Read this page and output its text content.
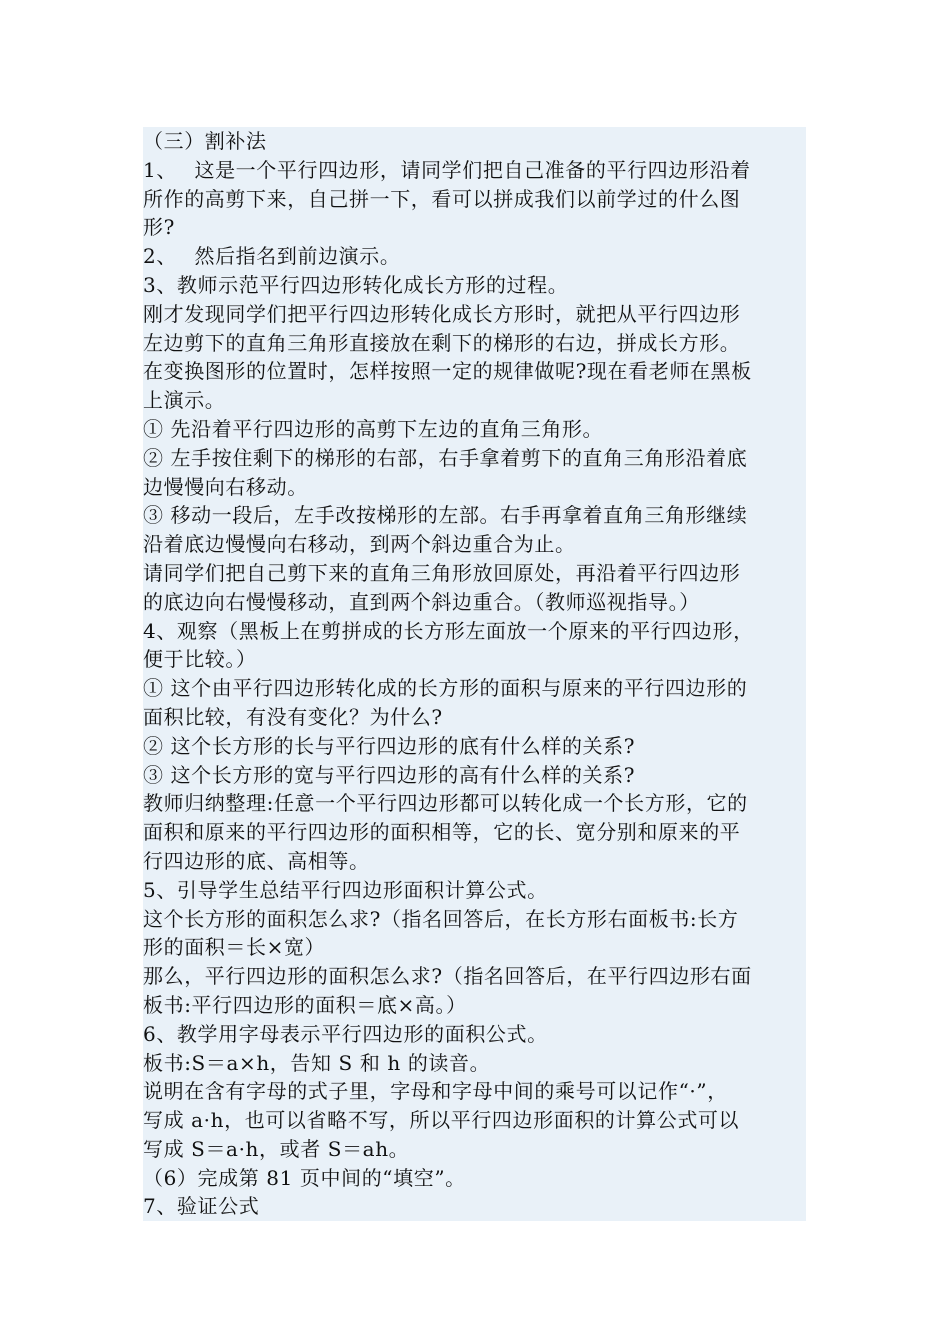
（三）割补法
1、　 这是一个平行四边形，请同学们把自己准备的平行四边形沿着
所作的高剪下来，自己拼一下，看可以拼成我们以前学过的什么图
形?
2、　 然后指名到前边演示。
3、教师示范平行四边形转化成长方形的过程。
刚才发现同学们把平行四边形转化成长方形时，就把从平行四边形
左边剪下的直角三角形直接放在剩下的梯形的右边，拼成长方形。
在变换图形的位置时，怎样按照一定的规律做呢?现在看老师在黑板
上演示。
① 先沿着平行四边形的高剪下左边的直角三角形。
② 左手按住剩下的梯形的右部，右手拿着剪下的直角三角形沿着底
边慢慢向右移动。
③ 移动一段后，左手改按梯形的左部。右手再拿着直角三角形继续
沿着底边慢慢向右移动，到两个斜边重合为止。
请同学们把自己剪下来的直角三角形放回原处，再沿着平行四边形
的底边向右慢慢移动，直到两个斜边重合。（教师巡视指导。）
4、观察（黑板上在剪拼成的长方形左面放一个原来的平行四边形，
便于比较。）
① 这个由平行四边形转化成的长方形的面积与原来的平行四边形的
面积比较，有没有变化？为什么?
② 这个长方形的长与平行四边形的底有什么样的关系?
③ 这个长方形的宽与平行四边形的高有什么样的关系?
教师归纳整理:任意一个平行四边形都可以转化成一个长方形，它的
面积和原来的平行四边形的面积相等，它的长、宽分别和原来的平
行四边形的底、高相等。
5、引导学生总结平行四边形面积计算公式。
这个长方形的面积怎么求?（指名回答后，在长方形右面板书:长方
形的面积＝长×宽）
那么，平行四边形的面积怎么求?（指名回答后，在平行四边形右面
板书:平行四边形的面积＝底×高。）
6、教学用字母表示平行四边形的面积公式。
板书:S＝a×h，告知 S 和 h 的读音。
说明在含有字母的式子里，字母和字母中间的乘号可以记作“·”，
写成 a·h，也可以省略不写，所以平行四边形面积的计算公式可以
写成 S＝a·h，或者 S＝ah。
（6）完成第 81 页中间的“填空”。
7、验证公式
